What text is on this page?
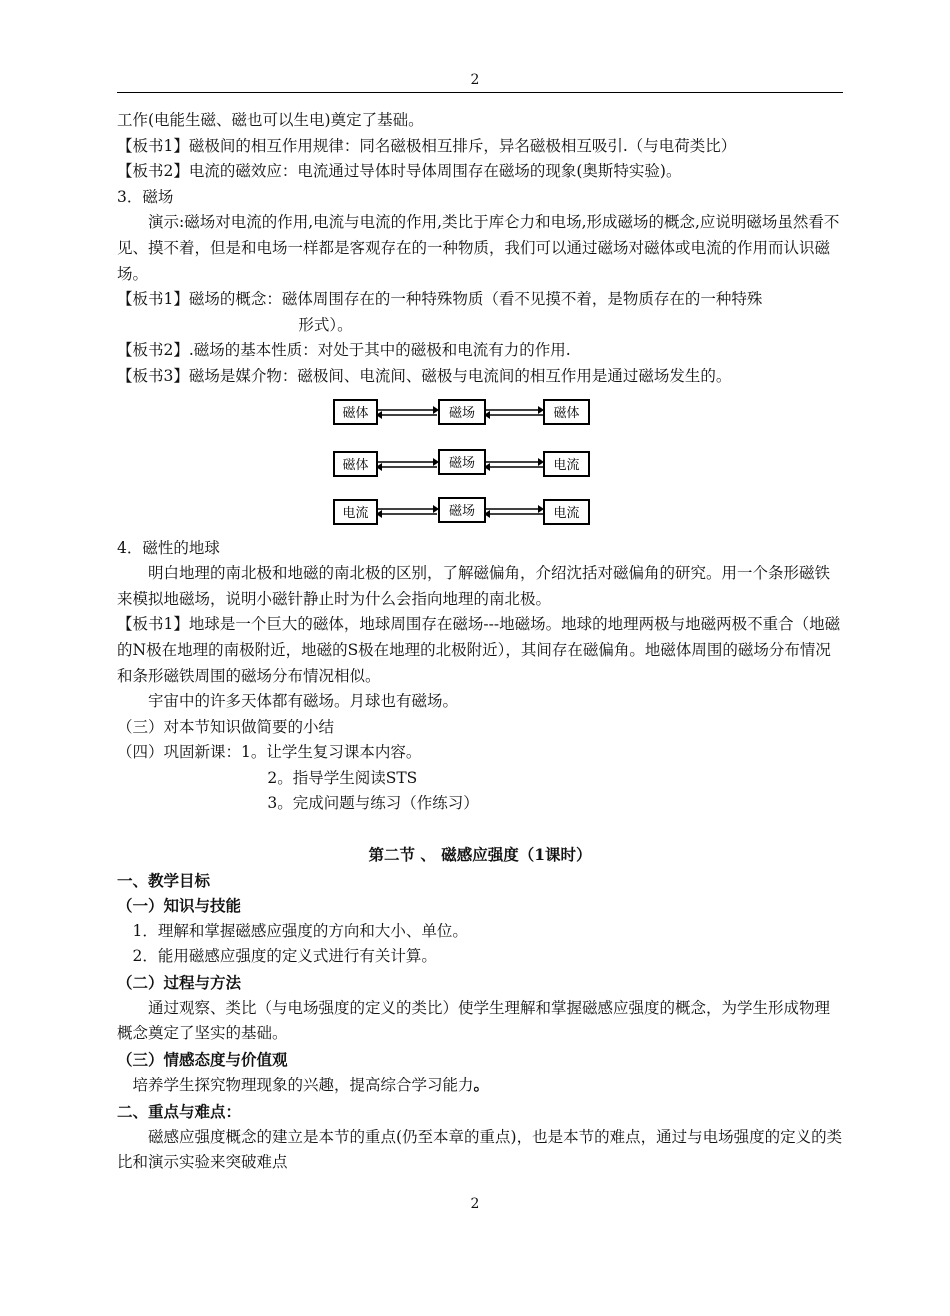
2

工作(电能生磁、磁也可以生电)奠定了基础。

【板书1】磁极间的相互作用规律：同名磁极相互排斥，异名磁极相互吸引.（与电荷类比）

【板书2】电流的磁效应：电流通过导体时导体周围存在磁场的现象(奥斯特实验)。

3．磁场

演示:磁场对电流的作用,电流与电流的作用,类比于库仑力和电场,形成磁场的概念,应说明磁场虽然看不见、摸不着，但是和电场一样都是客观存在的一种物质，我们可以通过磁场对磁体或电流的作用而认识磁场。

【板书1】磁场的概念：磁体周围存在的一种特殊物质（看不见摸不着，是物质存在的一种特殊

形式）。

【板书2】.磁场的基本性质：对处于其中的磁极和电流有力的作用.

【板书3】磁场是媒介物：磁极间、电流间、磁极与电流间的相互作用是通过磁场发生的。

磁体	磁场	磁体
磁体	磁场	电流
电流	磁场	电流

4．磁性的地球

明白地理的南北极和地磁的南北极的区别，了解磁偏角，介绍沈括对磁偏角的研究。用一个条形磁铁来模拟地磁场，说明小磁针静止时为什么会指向地理的南北极。

【板书1】地球是一个巨大的磁体，地球周围存在磁场---地磁场。地球的地理两极与地磁两极不重合（地磁的N极在地理的南极附近，地磁的S极在地理的北极附近），其间存在磁偏角。地磁体周围的磁场分布情况和条形磁铁周围的磁场分布情况相似。

宇宙中的许多天体都有磁场。月球也有磁场。

（三）对本节知识做简要的小结

（四）巩固新课：1。让学生复习课本内容。

2。指导学生阅读STS

3。完成问题与练习（作练习）

第二节 、 磁感应强度（1课时）

一、教学目标

（一）知识与技能

1．理解和掌握磁感应强度的方向和大小、单位。

2．能用磁感应强度的定义式进行有关计算。

（二）过程与方法

通过观察、类比（与电场强度的定义的类比）使学生理解和掌握磁感应强度的概念，为学生形成物理概念奠定了坚实的基础。

（三）情感态度与价值观

培养学生探究物理现象的兴趣，提高综合学习能力。

二、重点与难点：

磁感应强度概念的建立是本节的重点(仍至本章的重点)，也是本节的难点，通过与电场强度的定义的类比和演示实验来突破难点

2
